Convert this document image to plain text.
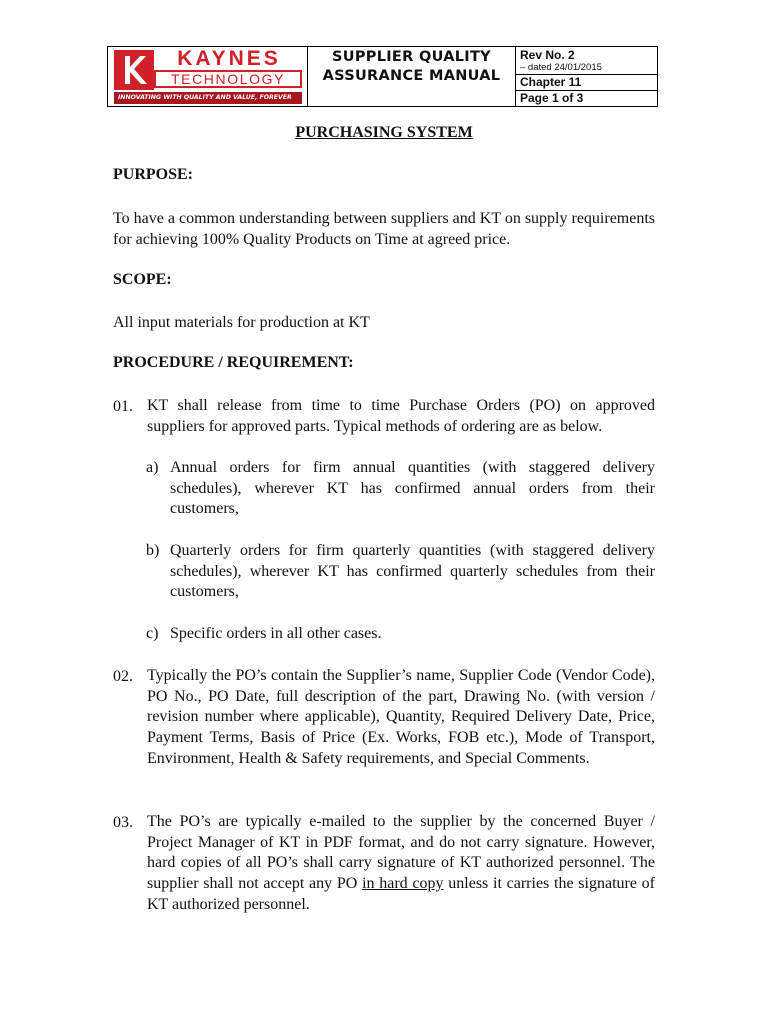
KAYNES
TECHNOLOGY
INNOVATING WITH QUALITY AND VALUE, FOREVER
SUPPLIER QUALITY
ASSURANCE MANUAL
Rev No. 2
– dated 24/01/2015
Chapter 11
Page 1 of 3
PURCHASING SYSTEM
PURPOSE:
To have a common understanding between suppliers and KT on supply requirements for achieving 100% Quality Products on Time at agreed price.
SCOPE:
All input materials for production at KT
PROCEDURE / REQUIREMENT:
01. KT shall release from time to time Purchase Orders (PO) on approved suppliers for approved parts. Typical methods of ordering are as below.
a) Annual orders for firm annual quantities (with staggered delivery schedules), wherever KT has confirmed annual orders from their customers,
b) Quarterly orders for firm quarterly quantities (with staggered delivery schedules), wherever KT has confirmed quarterly schedules from their customers,
c) Specific orders in all other cases.
02. Typically the PO’s contain the Supplier’s name, Supplier Code (Vendor Code), PO No., PO Date, full description of the part, Drawing No. (with version / revision number where applicable), Quantity, Required Delivery Date, Price, Payment Terms, Basis of Price (Ex. Works, FOB etc.), Mode of Transport, Environment, Health & Safety requirements, and Special Comments.
03. The PO’s are typically e-mailed to the supplier by the concerned Buyer / Project Manager of KT in PDF format, and do not carry signature. However, hard copies of all PO’s shall carry signature of KT authorized personnel. The supplier shall not accept any PO in hard copy unless it carries the signature of KT authorized personnel.
